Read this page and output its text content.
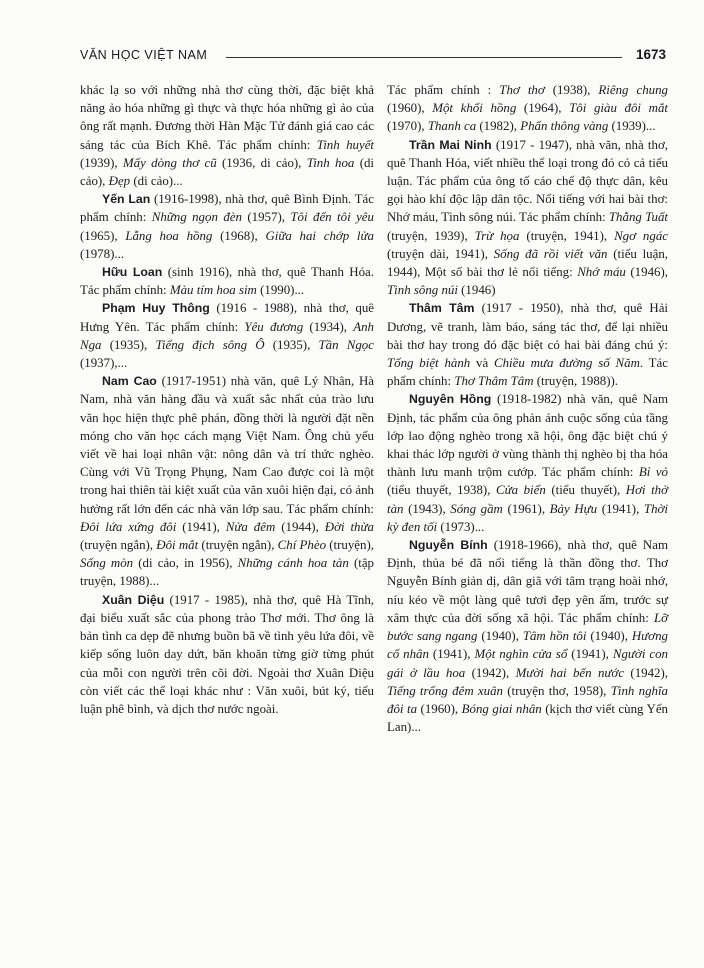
VĂN HỌC VIỆT NAM	1673

khác lạ so với những nhà thơ cùng thời, đặc biệt khả năng ảo hóa những gì thực và thực hóa những gì ảo của ông rất mạnh. Đương thời Hàn Mặc Tử đánh giá cao các sáng tác của Bích Khê. Tác phẩm chính: Tinh huyết (1939), Mấy dòng thơ cũ (1936, di cảo), Tinh hoa (di cảo), Đẹp (di cảo)...

Yến Lan (1916-1998), nhà thơ, quê Bình Định. Tác phẩm chính: Những ngọn đèn (1957), Tôi đến tôi yêu (1965), Lẵng hoa hồng (1968), Giữa hai chớp lửa (1978)...

Hữu Loan (sinh 1916), nhà thơ, quê Thanh Hóa. Tác phẩm chính: Màu tím hoa sim (1990)...

Phạm Huy Thông (1916 - 1988), nhà thơ, quê Hưng Yên. Tác phẩm chính: Yêu đương (1934), Anh Nga (1935), Tiếng địch sông Ô (1935), Tần Ngọc (1937),...

Nam Cao (1917-1951) nhà văn, quê Lý Nhân, Hà Nam, nhà văn hàng đầu và xuất sắc nhất của trào lưu văn học hiện thực phê phán, đồng thời là người đặt nền móng cho văn học cách mạng Việt Nam. Ông chủ yếu viết về hai loại nhân vật: nông dân và trí thức nghèo. Cùng với Vũ Trọng Phụng, Nam Cao được coi là một trong hai thiên tài kiệt xuất của văn xuôi hiện đại, có ảnh hưởng rất lớn đến các nhà văn lớp sau. Tác phẩm chính: Đôi lứa xứng đôi (1941), Nửa đêm (1944), Đời thừa (truyện ngắn), Đôi mắt (truyện ngắn), Chí Phèo (truyện), Sống mòn (di cảo, in 1956), Những cánh hoa tàn (tập truyện, 1988)...

Xuân Diệu (1917 - 1985), nhà thơ, quê Hà Tĩnh, đại biểu xuất sắc của phong trào Thơ mới. Thơ ông là bản tình ca dẹp đẽ nhưng buồn bã về tình yêu lứa đôi, về kiếp sống luôn day dứt, băn khoăn từng giờ từng phút của mỗi con người trên cõi đời. Ngoài thơ Xuân Diệu còn viết các thể loại khác như : Văn xuôi, bút ký, tiểu luận phê bình, và dịch thơ nước ngoài.

Tác phẩm chính : Thơ thơ (1938), Riêng chung (1960), Một khối hồng (1964), Tôi giàu đôi mắt (1970), Thanh ca (1982), Phấn thông vàng (1939)...

Trần Mai Ninh (1917 - 1947), nhà văn, nhà thơ, quê Thanh Hóa, viết nhiều thể loại trong đó có cả tiểu luận. Tác phẩm của ông tố cáo chế độ thực dân, kêu gọi hào khí độc lập dân tộc. Nổi tiếng với hai bài thơ: Nhớ máu, Tình sông núi. Tác phẩm chính: Thằng Tuất (truyện, 1939), Trừ họa (truyện, 1941), Ngơ ngác (truyện dài, 1941), Sống đã rồi viết văn (tiểu luận, 1944), Một số bài thơ lẻ nổi tiếng: Nhớ máu (1946), Tình sông núi (1946)

Thâm Tâm (1917 - 1950), nhà thơ, quê Hải Dương, vẽ tranh, làm báo, sáng tác thơ, để lại nhiều bài thơ hay trong đó đặc biệt có hai bài đáng chú ý: Tống biệt hành và Chiều mưa đường số Năm. Tác phẩm chính: Thơ Thâm Tâm (truyện, 1988)).

Nguyên Hồng (1918-1982) nhà văn, quê Nam Định, tác phẩm của ông phản ánh cuộc sống của tầng lớp lao động nghèo trong xã hội, ông đặc biệt chú ý khai thác lớp người ở vùng thành thị nghèo bị tha hóa thành lưu manh trộm cướp. Tác phẩm chính: Bỉ vỏ (tiểu thuyết, 1938), Cửa biển (tiểu thuyết), Hơi thở tàn (1943), Sóng gầm (1961), Bảy Hựu (1941), Thời kỳ đen tối (1973)...

Nguyễn Bính (1918-1966), nhà thơ, quê Nam Định, thủa bé đã nổi tiếng là thần đồng thơ. Thơ Nguyễn Bính giản dị, dân giã với tâm trạng hoài nhớ, níu kéo về một làng quê tươi đẹp yên ấm, trước sự xâm thực của đời sống xã hội. Tác phẩm chính: Lỡ bước sang ngang (1940), Tâm hồn tôi (1940), Hương cố nhân (1941), Một nghìn cửa sổ (1941), Người con gái ở lầu hoa (1942), Mười hai bến nước (1942), Tiếng trống đêm xuân (truyện thơ, 1958), Tình nghĩa đôi ta (1960), Bóng giai nhân (kịch thơ viết cùng Yến Lan)...
